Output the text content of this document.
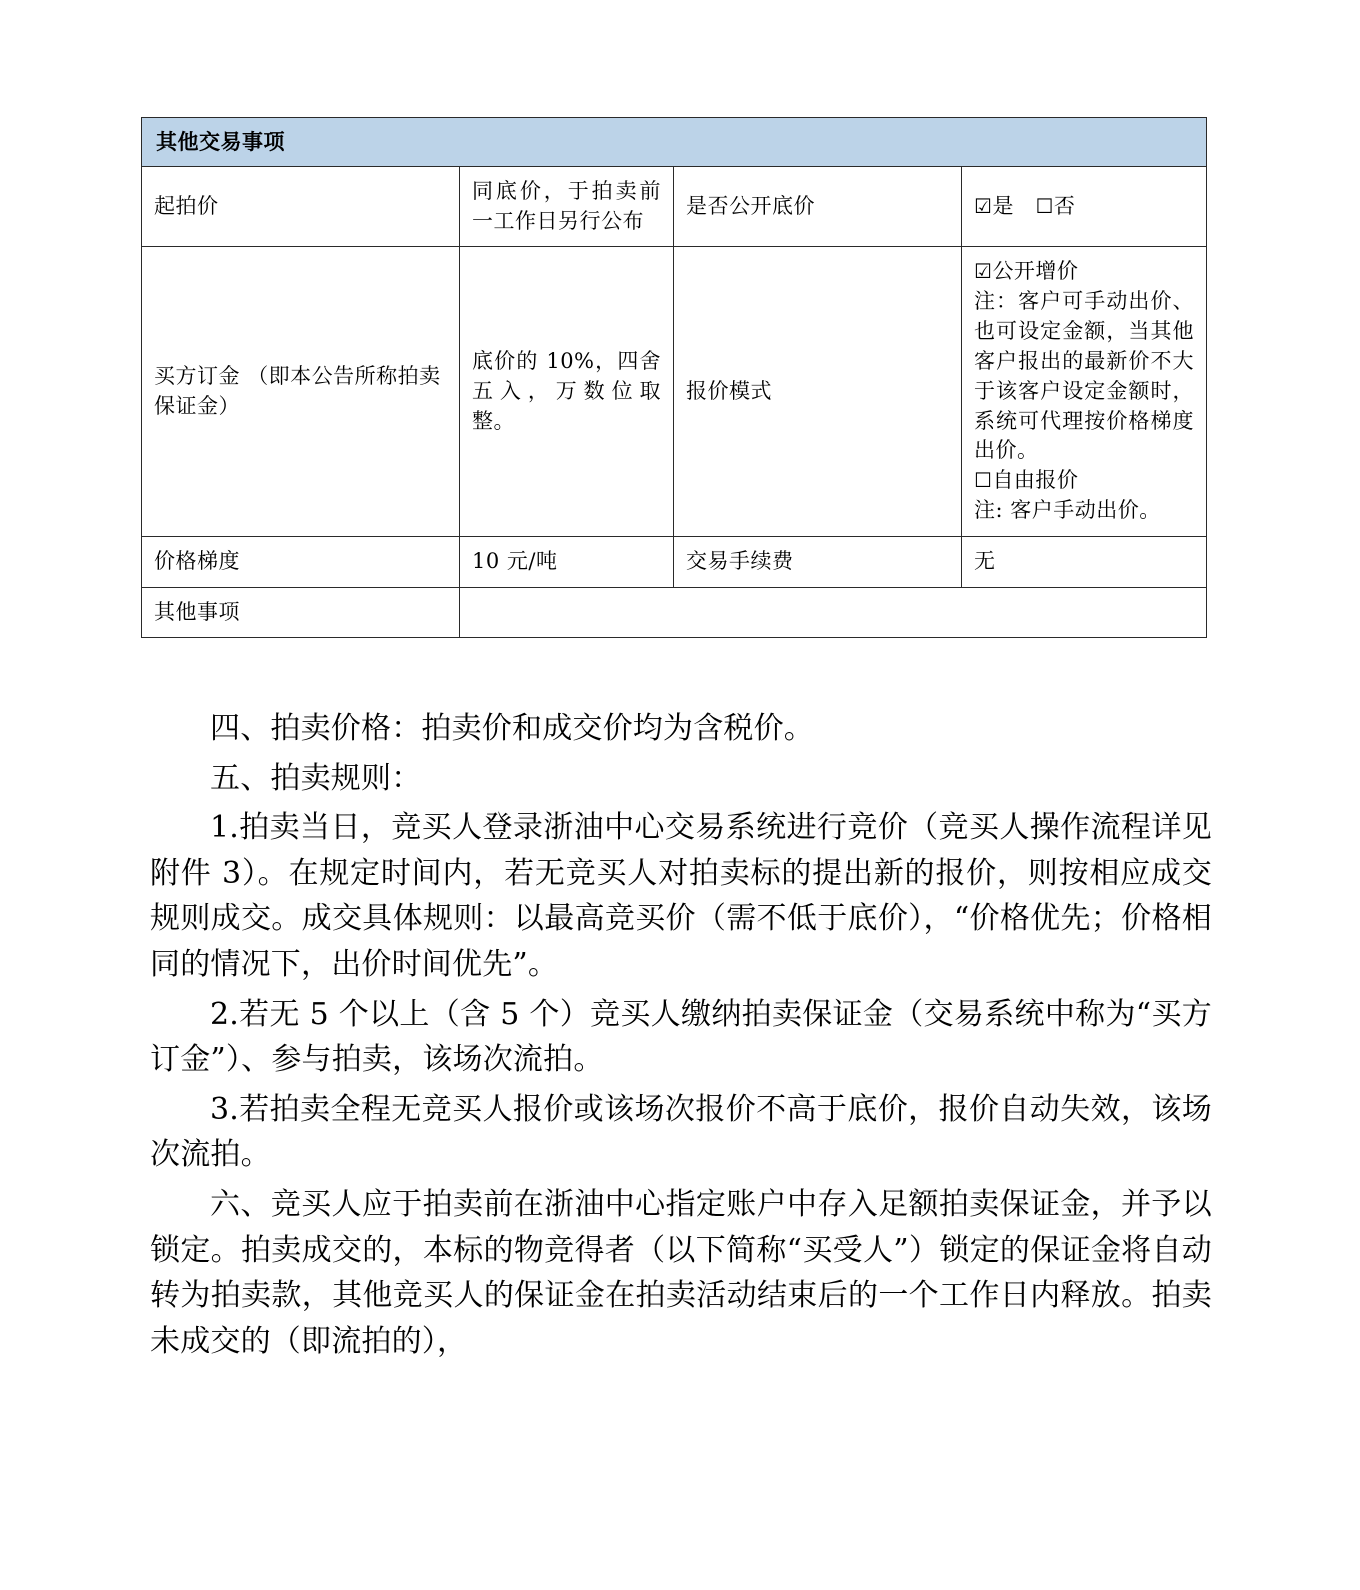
其他交易事项			
起拍价	同底价，于拍卖前一工作日另行公布	是否公开底价	☑是 ☐否
买方订金 （即本公告所称拍卖保证金）	底价的 10%，四舍五入，万数位取整。	报价模式	☑公开增价
注：客户可手动出价、也可设定金额，当其他客户报出的最新价不大于该客户设定金额时，系统可代理按价格梯度出价。
☐自由报价
注: 客户手动出价。

价格梯度	10 元/吨	交易手续费	无
其他事项			

四、拍卖价格：拍卖价和成交价均为含税价。

五、拍卖规则：

1.拍卖当日，竞买人登录浙油中心交易系统进行竞价（竞买人操作流程详见附件 3）。在规定时间内，若无竞买人对拍卖标的提出新的报价，则按相应成交规则成交。成交具体规则：以最高竞买价（需不低于底价），“价格优先；价格相同的情况下，出价时间优先”。

2.若无 5 个以上（含 5 个）竞买人缴纳拍卖保证金（交易系统中称为“买方订金”）、参与拍卖，该场次流拍。

3.若拍卖全程无竞买人报价或该场次报价不高于底价，报价自动失效，该场次流拍。

六、竞买人应于拍卖前在浙油中心指定账户中存入足额拍卖保证金，并予以锁定。拍卖成交的，本标的物竞得者（以下简称“买受人”）锁定的保证金将自动转为拍卖款，其他竞买人的保证金在拍卖活动结束后的一个工作日内释放。拍卖未成交的（即流拍的），
